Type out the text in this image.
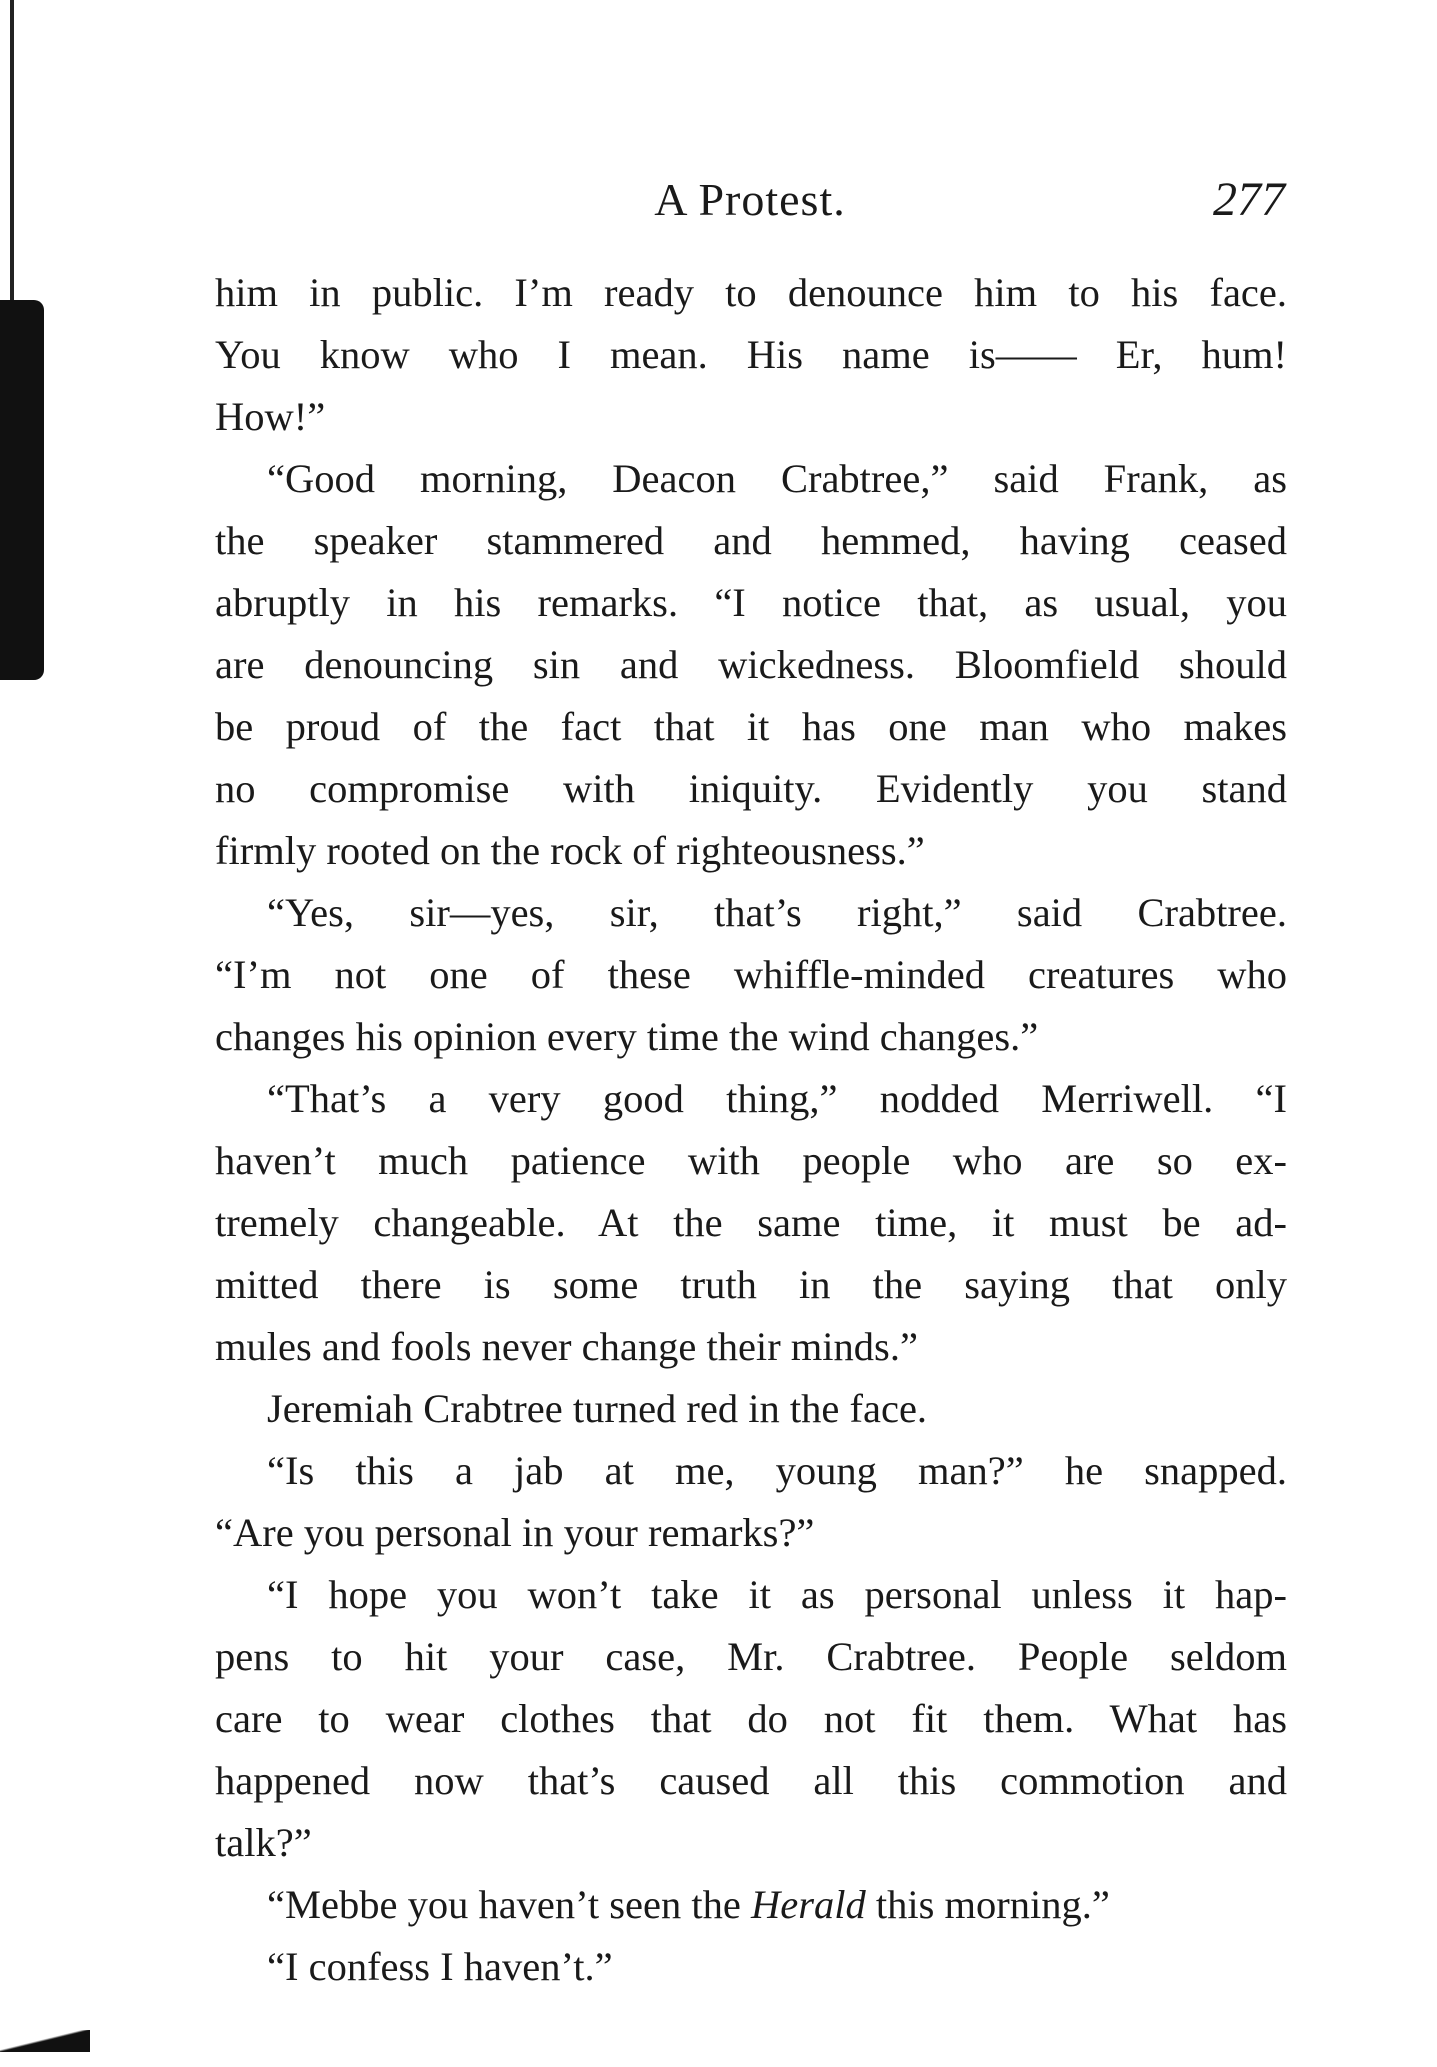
A Protest.	277
him in public. I’m ready to denounce him to his face.
You know who I mean. His name is—— Er, hum!
How!”
“Good morning, Deacon Crabtree,” said Frank, as
the speaker stammered and hemmed, having ceased
abruptly in his remarks. “I notice that, as usual, you
are denouncing sin and wickedness. Bloomfield should
be proud of the fact that it has one man who makes
no compromise with iniquity. Evidently you stand
firmly rooted on the rock of righteousness.”
“Yes, sir—yes, sir, that’s right,” said Crabtree.
“I’m not one of these whiffle-minded creatures who
changes his opinion every time the wind changes.”
“That’s a very good thing,” nodded Merriwell. “I
haven’t much patience with people who are so ex-
tremely changeable. At the same time, it must be ad-
mitted there is some truth in the saying that only
mules and fools never change their minds.”
Jeremiah Crabtree turned red in the face.
“Is this a jab at me, young man?” he snapped.
“Are you personal in your remarks?”
“I hope you won’t take it as personal unless it hap-
pens to hit your case, Mr. Crabtree. People seldom
care to wear clothes that do not fit them. What has
happened now that’s caused all this commotion and
talk?”
“Mebbe you haven’t seen the Herald this morning.”
“I confess I haven’t.”
